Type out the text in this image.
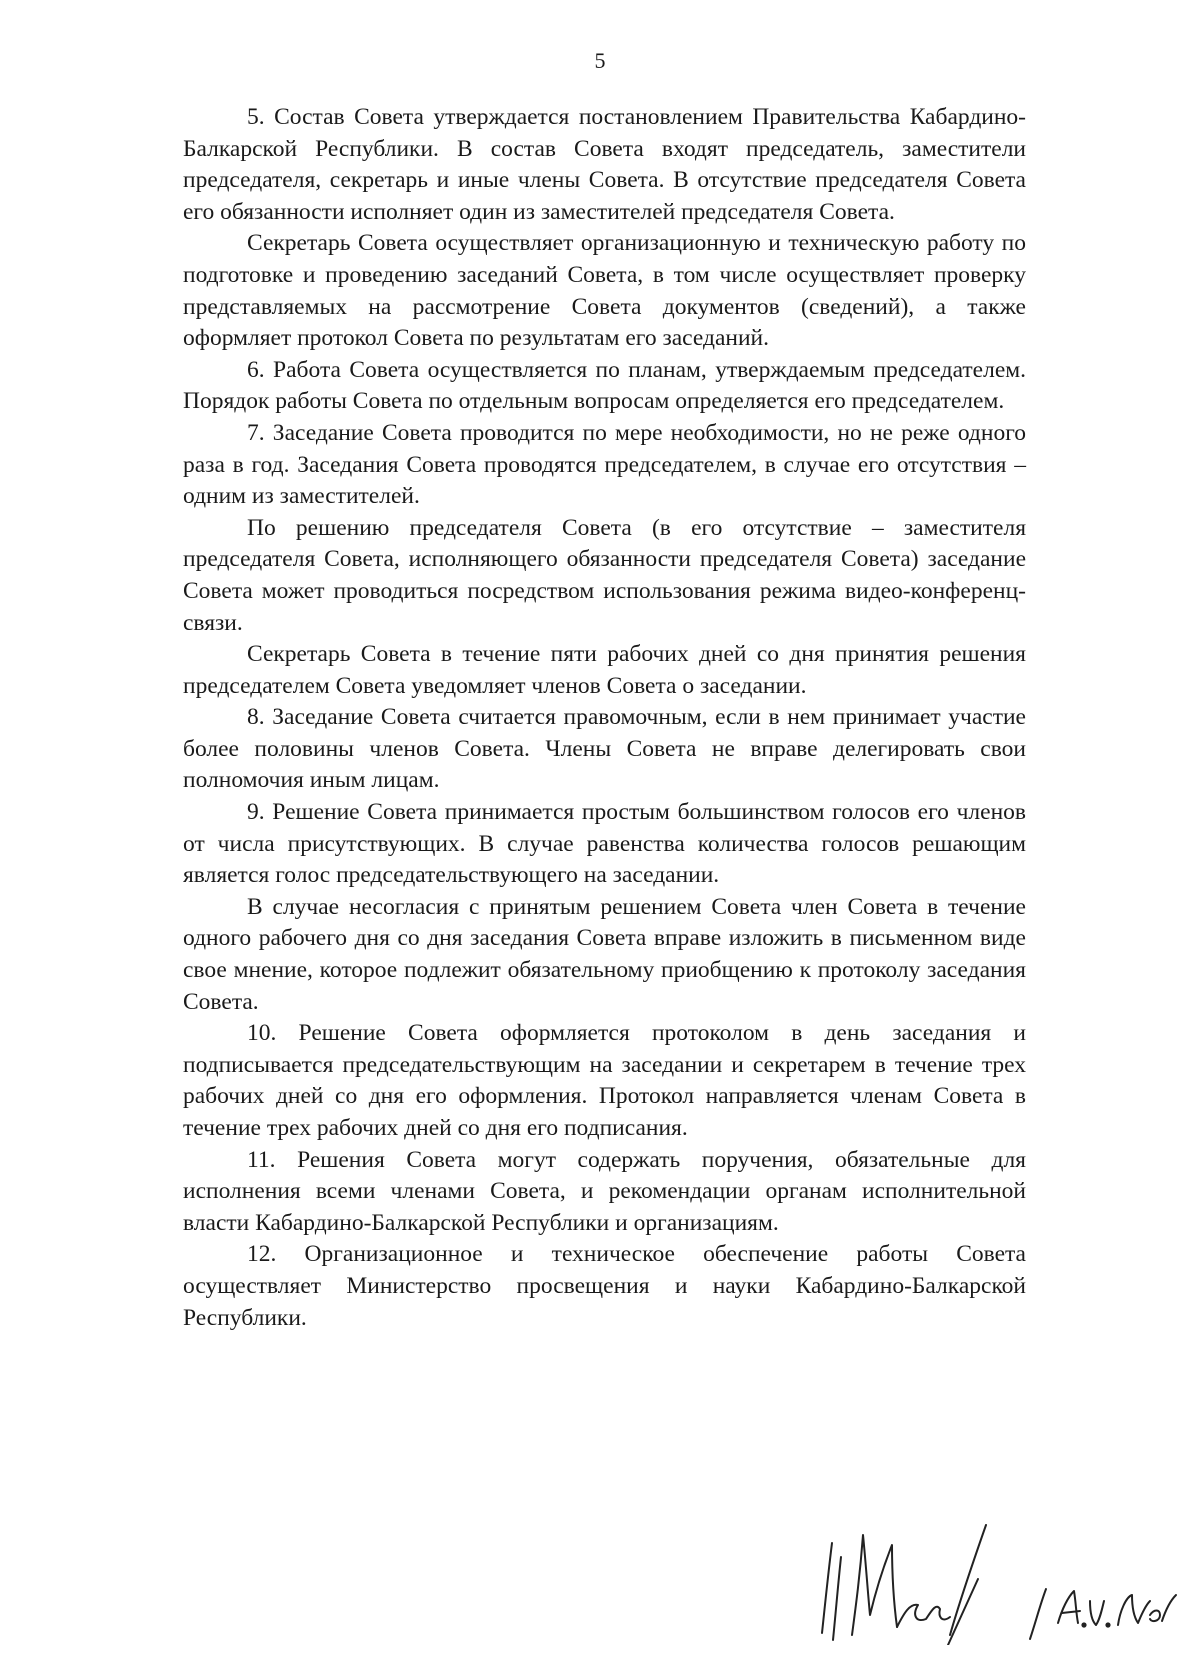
5

5. Состав Совета утверждается постановлением Правительства Кабардино-Балкарской Республики. В состав Совета входят председатель, заместители председателя, секретарь и иные члены Совета. В отсутствие председателя Совета его обязанности исполняет один из заместителей председателя Совета.

Секретарь Совета осуществляет организационную и техническую работу по подготовке и проведению заседаний Совета, в том числе осуществляет проверку представляемых на рассмотрение Совета документов (сведений), а также оформляет протокол Совета по результатам его заседаний.

6. Работа Совета осуществляется по планам, утверждаемым председателем. Порядок работы Совета по отдельным вопросам определяется его председателем.

7. Заседание Совета проводится по мере необходимости, но не реже одного раза в год. Заседания Совета проводятся председателем, в случае его отсутствия – одним из заместителей.

По решению председателя Совета (в его отсутствие – заместителя председателя Совета, исполняющего обязанности председателя Совета) заседание Совета может проводиться посредством использования режима видео-конференц-связи.

Секретарь Совета в течение пяти рабочих дней со дня принятия решения председателем Совета уведомляет членов Совета о заседании.

8. Заседание Совета считается правомочным, если в нем принимает участие более половины членов Совета. Члены Совета не вправе делегировать свои полномочия иным лицам.

9. Решение Совета принимается простым большинством голосов его членов от числа присутствующих. В случае равенства количества голосов решающим является голос председательствующего на заседании.

В случае несогласия с принятым решением Совета член Совета в течение одного рабочего дня со дня заседания Совета вправе изложить в письменном виде свое мнение, которое подлежит обязательному приобщению к протоколу заседания Совета.

10. Решение Совета оформляется протоколом в день заседания и подписывается председательствующим на заседании и секретарем в течение трех рабочих дней со дня его оформления. Протокол направляется членам Совета в течение трех рабочих дней со дня его подписания.

11. Решения Совета могут содержать поручения, обязательные для исполнения всеми членами Совета, и рекомендации органам исполнительной власти Кабардино-Балкарской Республики и организациям.

12. Организационное и техническое обеспечение работы Совета осуществляет Министерство просвещения и науки Кабардино-Балкарской Республики.
